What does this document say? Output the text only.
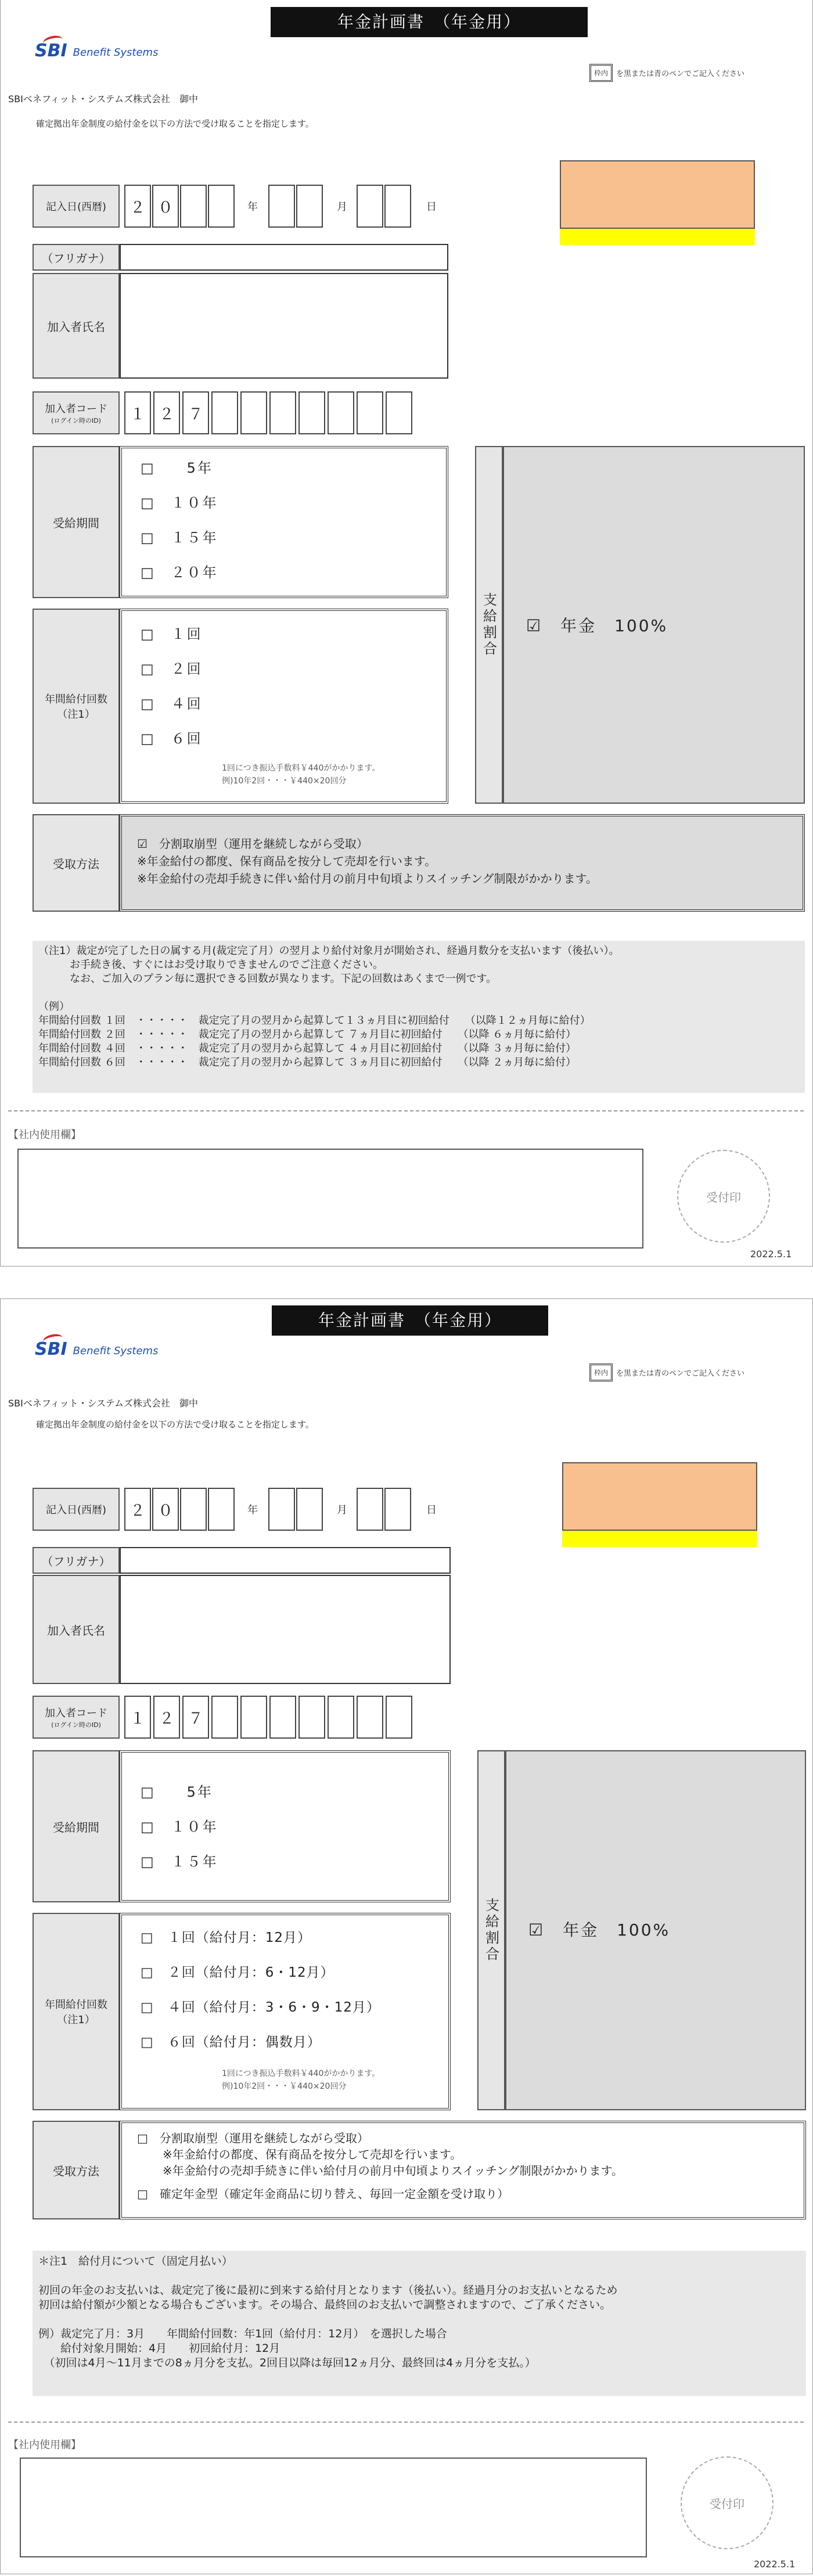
年金計画書　（年金用）
SBI Benefit Systems
枠内	を黒または青のペンでご記入ください
SBIベネフィット・システムズ株式会社　御中
確定拠出年金制度の給付金を以下の方法で受け取ることを指定します。
記入日(西暦)	２ ０	年	月	日
（フリガナ）
加入者氏名
加入者コード
(ログイン時のID)	１ ２ ７
受給期間
□　　5年
□　１０年
□　１５年
□　２０年
年間給付回数
（注1）
□　１回
□　２回
□　４回
□　６回
1回につき振込手数料￥440がかかります。
例)10年2回・・・￥440×20回分
支給割合	☑　年金　100%
受取方法
☑　分割取崩型（運用を継続しながら受取）
※年金給付の都度、保有商品を按分して売却を行います。
※年金給付の売却手続きに伴い給付月の前月中旬頃よりスイッチング制限がかかります。
（注1）裁定が完了した日の属する月(裁定完了月）の翌月より給付対象月が開始され、経過月数分を支払います（後払い）。
　　　お手続き後、すぐにはお受け取りできませんのでご注意ください。
　　　なお、ご加入のプラン毎に選択できる回数が異なります。下記の回数はあくまで一例です。

（例）
年間給付回数 １回　・・・・・　裁定完了月の翌月から起算して１３ヵ月目に初回給付　　（以降１２ヵ月毎に給付）
年間給付回数 ２回　・・・・・　裁定完了月の翌月から起算して ７ヵ月目に初回給付　　（以降 ６ヵ月毎に給付）
年間給付回数 ４回　・・・・・　裁定完了月の翌月から起算して ４ヵ月目に初回給付　　（以降 ３ヵ月毎に給付）
年間給付回数 ６回　・・・・・　裁定完了月の翌月から起算して ３ヵ月目に初回給付　　（以降 ２ヵ月毎に給付）
【社内使用欄】
受付印
2022.5.1
年金計画書　（年金用）
SBI Benefit Systems
枠内	を黒または青のペンでご記入ください
SBIベネフィット・システムズ株式会社　御中
確定拠出年金制度の給付金を以下の方法で受け取ることを指定します。
記入日(西暦)	２ ０	年	月	日
（フリガナ）
加入者氏名
加入者コード
(ログイン時のID)	１ ２ ７
受給期間
□　　5年
□　１０年
□　１５年
年間給付回数
（注1）
□　１回（給付月：12月）
□　２回（給付月：6・12月）
□　４回（給付月：3・6・9・12月）
□　６回（給付月：偶数月）
1回につき振込手数料￥440がかかります。
例)10年2回・・・￥440×20回分
支給割合	☑　年金　100%
受取方法
□　分割取崩型（運用を継続しながら受取）
※年金給付の都度、保有商品を按分して売却を行います。
※年金給付の売却手続きに伴い給付月の前月中旬頃よりスイッチング制限がかかります。
□　確定年金型（確定年金商品に切り替え、毎回一定金額を受け取り）
＊注1　給付月について（固定月払い）

初回の年金のお支払いは、裁定完了後に最初に到来する給付月となります（後払い）。経過月分のお支払いとなるため
初回は給付額が少額となる場合もございます。その場合、最終回のお支払いで調整されますので、ご了承ください。

例）裁定完了月：3月　　年間給付回数：年1回（給付月：12月）　を選択した場合
　　給付対象月開始：4月　　初回給付月：12月
　（初回は4月～11月までの8ヵ月分を支払。2回目以降は毎回12ヵ月分、最終回は4ヵ月分を支払。）
【社内使用欄】
受付印
2022.5.1
